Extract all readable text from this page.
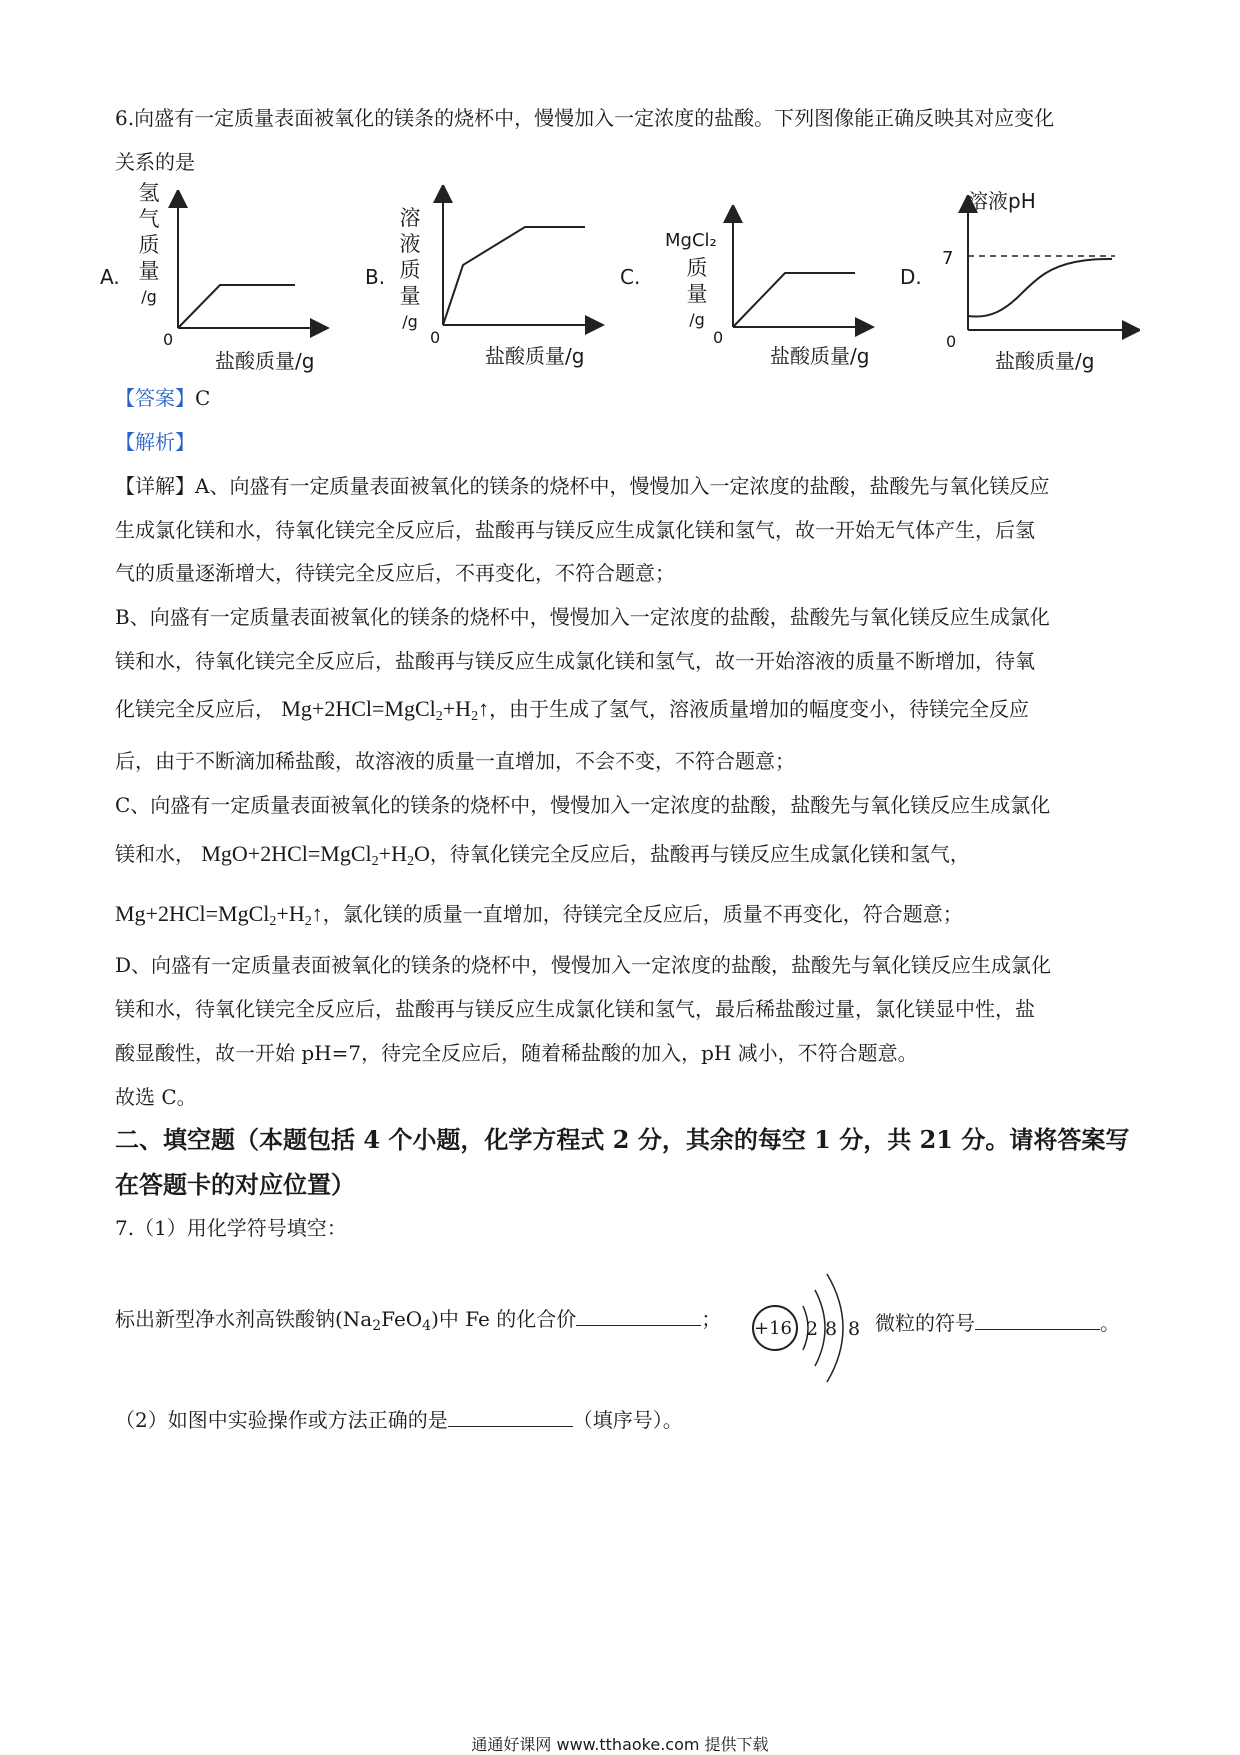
6.向盛有一定质量表面被氧化的镁条的烧杯中，慢慢加入一定浓度的盐酸。下列图像能正确反映其对应变化
关系的是
A.
氢
气
质
量
/g
0
盐酸质量/g
B.
溶
液
质
量
/g
0
盐酸质量/g
C.
MgCl₂
质
量
/g
0
盐酸质量/g
D.
溶液pH
7
0
盐酸质量/g
【答案】C
【解析】
【详解】A、向盛有一定质量表面被氧化的镁条的烧杯中，慢慢加入一定浓度的盐酸，盐酸先与氧化镁反应
生成氯化镁和水，待氧化镁完全反应后，盐酸再与镁反应生成氯化镁和氢气，故一开始无气体产生，后氢
气的质量逐渐增大，待镁完全反应后，不再变化，不符合题意；
B、向盛有一定质量表面被氧化的镁条的烧杯中，慢慢加入一定浓度的盐酸，盐酸先与氧化镁反应生成氯化
镁和水，待氧化镁完全反应后，盐酸再与镁反应生成氯化镁和氢气，故一开始溶液的质量不断增加，待氧
化镁完全反应后， $Mg+2HCl=MgCl_2+H_2↑$，由于生成了氢气，溶液质量增加的幅度变小，待镁完全反应
后，由于不断滴加稀盐酸，故溶液的质量一直增加，不会不变，不符合题意；
C、向盛有一定质量表面被氧化的镁条的烧杯中，慢慢加入一定浓度的盐酸，盐酸先与氧化镁反应生成氯化
镁和水， $MgO+2HCl=MgCl_2+H_2O$，待氧化镁完全反应后，盐酸再与镁反应生成氯化镁和氢气，
$Mg+2HCl=MgCl_2+H_2↑$，氯化镁的质量一直增加，待镁完全反应后，质量不再变化，符合题意；
D、向盛有一定质量表面被氧化的镁条的烧杯中，慢慢加入一定浓度的盐酸，盐酸先与氧化镁反应生成氯化
镁和水，待氧化镁完全反应后，盐酸再与镁反应生成氯化镁和氢气，最后稀盐酸过量，氯化镁显中性，盐
酸显酸性，故一开始 pH=7，待完全反应后，随着稀盐酸的加入，pH 减小，不符合题意。
故选 C。
二、填空题（本题包括 4 个小题，化学方程式 2 分，其余的每空 1 分，共 21 分。请将答案写
在答题卡的对应位置）
7.（1）用化学符号填空：
标出新型净水剂高铁酸钠$(Na_2FeO_4)$中 Fe 的化合价	； +16 2 8 8 微粒的符号	。
（2）如图中实验操作或方法正确的是	（填序号）。
通通好课网 www.tthaoke.com 提供下载
